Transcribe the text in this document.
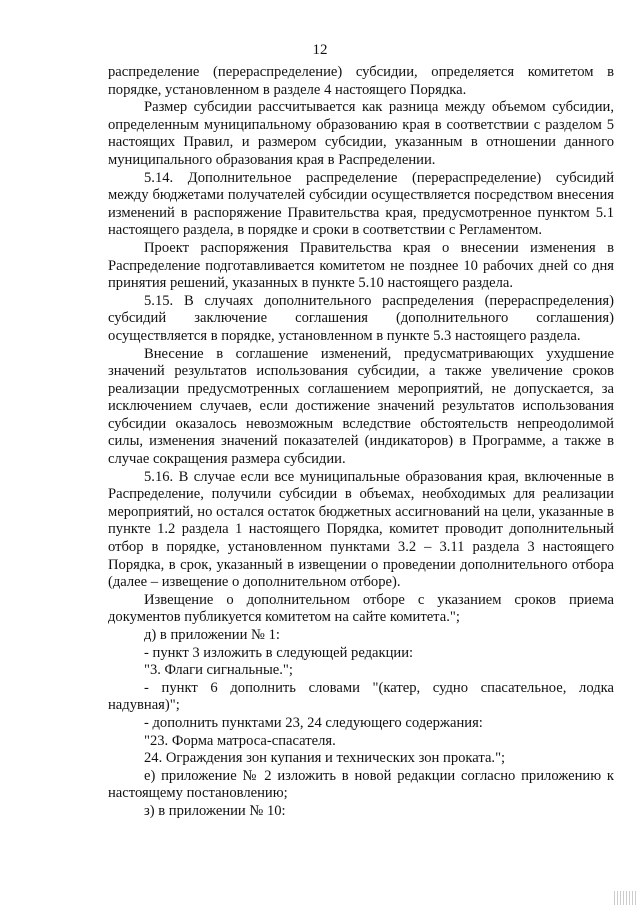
12

распределение (перераспределение) субсидии, определяется комитетом в порядке, установленном в разделе 4 настоящего Порядка.

Размер субсидии рассчитывается как разница между объемом субсидии, определенным муниципальному образованию края в соответствии с разделом 5 настоящих Правил, и размером субсидии, указанным в отношении данного муниципального образования края в Распределении.

5.14. Дополнительное распределение (перераспределение) субсидий между бюджетами получателей субсидии осуществляется посредством внесения изменений в распоряжение Правительства края, предусмотренное пунктом 5.1 настоящего раздела, в порядке и сроки в соответствии с Регламентом.

Проект распоряжения Правительства края о внесении изменения в Распределение подготавливается комитетом не позднее 10 рабочих дней со дня принятия решений, указанных в пункте 5.10 настоящего раздела.

5.15. В случаях дополнительного распределения (перераспределения) субсидий заключение соглашения (дополнительного соглашения) осуществляется в порядке, установленном в пункте 5.3 настоящего раздела.

Внесение в соглашение изменений, предусматривающих ухудшение значений результатов использования субсидии, а также увеличение сроков реализации предусмотренных соглашением мероприятий, не допускается, за исключением случаев, если достижение значений результатов использования субсидии оказалось невозможным вследствие обстоятельств непреодолимой силы, изменения значений показателей (индикаторов) в Программе, а также в случае сокращения размера субсидии.

5.16. В случае если все муниципальные образования края, включенные в Распределение, получили субсидии в объемах, необходимых для реализации мероприятий, но остался остаток бюджетных ассигнований на цели, указанные в пункте 1.2 раздела 1 настоящего Порядка, комитет проводит дополнительный отбор в порядке, установленном пунктами 3.2 – 3.11 раздела 3 настоящего Порядка, в срок, указанный в извещении о проведении дополнительного отбора (далее – извещение о дополнительном отборе).

Извещение о дополнительном отборе с указанием сроков приема документов публикуется комитетом на сайте комитета.";

д) в приложении № 1:

- пункт 3 изложить в следующей редакции:

"3. Флаги сигнальные.";

- пункт 6 дополнить словами "(катер, судно спасательное, лодка надувная)";

- дополнить пунктами 23, 24 следующего содержания:

"23. Форма матроса-спасателя.

24. Ограждения зон купания и технических зон проката.";

е) приложение № 2 изложить в новой редакции согласно приложению к настоящему постановлению;

з) в приложении № 10:
